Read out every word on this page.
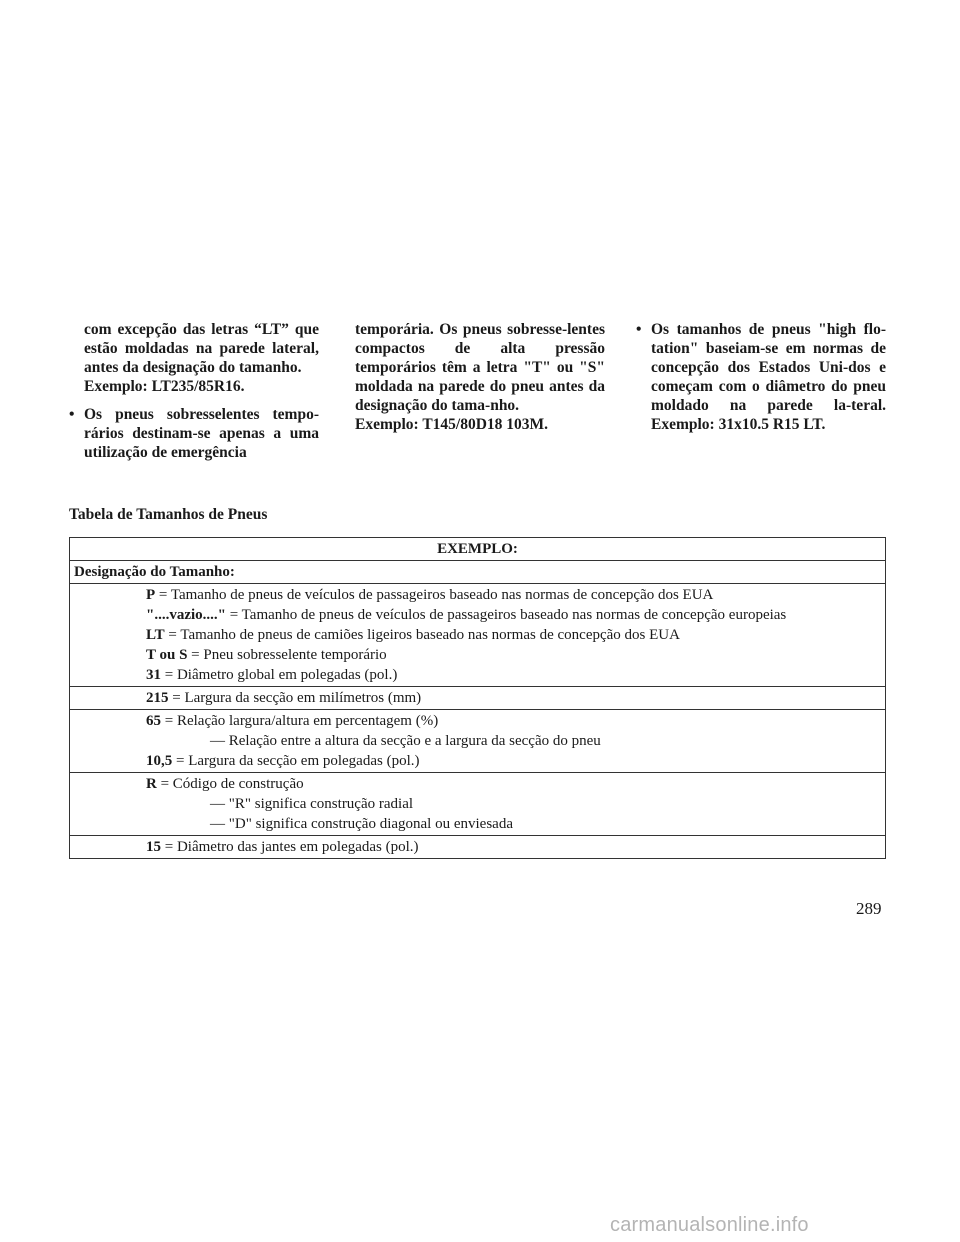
com excepção das letras “LT” que estão moldadas na parede lateral, antes da designação do tamanho.
Exemplo: LT235/85R16.

• Os pneus sobresselentes tempo-rários destinam-se apenas a uma utilização de emergência

temporária. Os pneus sobresse-lentes compactos de alta pressão temporários têm a letra "T" ou "S" moldada na parede do pneu antes da designação do tama-nho.
Exemplo: T145/80D18 103M.

• Os tamanhos de pneus "high flo-tation" baseiam-se em normas de concepção dos Estados Uni-dos e começam com o diâmetro do pneu moldado na parede la-teral. Exemplo: 31x10.5 R15 LT.

Tabela de Tamanhos de Pneus
EXEMPLO:
Designação do Tamanho:

P = Tamanho de pneus de veículos de passageiros baseado nas normas de concepção dos EUA
"....vazio...." = Tamanho de pneus de veículos de passageiros baseado nas normas de concepção europeias
LT = Tamanho de pneus de camiões ligeiros baseado nas normas de concepção dos EUA
T ou S = Pneu sobresselente temporário
31 = Diâmetro global em polegadas (pol.)

215 = Largura da secção em milímetros (mm)

65 = Relação largura/altura em percentagem (%)
— Relação entre a altura da secção e a largura da secção do pneu
10,5 = Largura da secção em polegadas (pol.)

R = Código de construção
— "R" significa construção radial
— "D" significa construção diagonal ou enviesada

15 = Diâmetro das jantes em polegadas (pol.)
289
carmanualsonline.info
